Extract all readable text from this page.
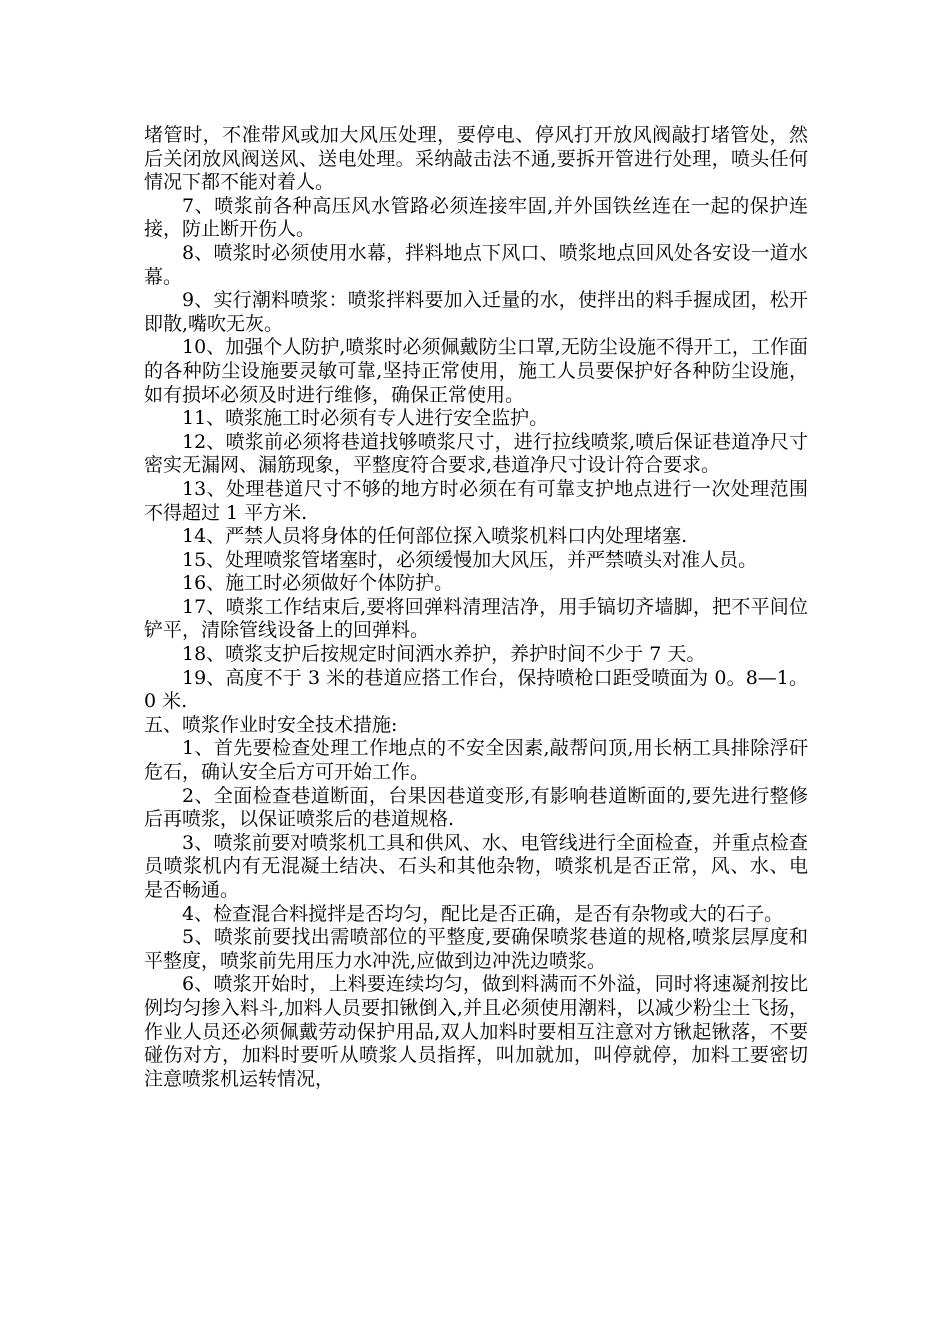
堵管时，不准带风或加大风压处理，要停电、停风打开放风阀敲打堵管处，然后关闭放风阀送风、送电处理。采纳敲击法不通,要拆开管进行处理，喷头任何情况下都不能对着人。

7、喷浆前各种高压风水管路必须连接牢固,并外国铁丝连在一起的保护连接，防止断开伤人。

8、喷浆时必须使用水幕，拌料地点下风口、喷浆地点回风处各安设一道水幕。

9、实行潮料喷浆：喷浆拌料要加入迁量的水，使拌出的料手握成团，松开即散,嘴吹无灰。

10、加强个人防护,喷浆时必须佩戴防尘口罩,无防尘设施不得开工，工作面的各种防尘设施要灵敏可靠,坚持正常使用，施工人员要保护好各种防尘设施，如有损坏必须及时进行维修，确保正常使用。

11、喷浆施工时必须有专人进行安全监护。

12、喷浆前必须将巷道找够喷浆尺寸，进行拉线喷浆,喷后保证巷道净尺寸密实无漏网、漏筋现象，平整度符合要求,巷道净尺寸设计符合要求。

13、处理巷道尺寸不够的地方时必须在有可靠支护地点进行一次处理范围不得超过 1 平方米.

14、严禁人员将身体的任何部位探入喷浆机料口内处理堵塞.

15、处理喷浆管堵塞时，必须缓慢加大风压，并严禁喷头对准人员。

16、施工时必须做好个体防护。

17、喷浆工作结束后,要将回弹料清理洁净，用手镐切齐墙脚，把不平间位铲平，清除管线设备上的回弹料。

18、喷浆支护后按规定时间洒水养护，养护时间不少于 7 天。

19、高度不于 3 米的巷道应搭工作台，保持喷枪口距受喷面为 0。8—1。0 米.

五、喷浆作业时安全技术措施:

1、首先要检查处理工作地点的不安全因素,敲帮问顶,用长柄工具排除浮矸危石，确认安全后方可开始工作。

2、全面检查巷道断面，台果因巷道变形,有影响巷道断面的,要先进行整修后再喷浆，以保证喷浆后的巷道规格.

3、喷浆前要对喷浆机工具和供风、水、电管线进行全面检查，并重点检查员喷浆机内有无混凝土结决、石头和其他杂物，喷浆机是否正常，风、水、电是否畅通。

4、检查混合料搅拌是否均匀，配比是否正确，是否有杂物或大的石子。

5、喷浆前要找出需喷部位的平整度,要确保喷浆巷道的规格,喷浆层厚度和平整度，喷浆前先用压力水冲洗,应做到边冲洗边喷浆。

6、喷浆开始时，上料要连续均匀，做到料满而不外溢，同时将速凝剂按比例均匀掺入料斗,加料人员要扣锹倒入,并且必须使用潮料，以减少粉尘土飞扬，作业人员还必须佩戴劳动保护用品,双人加料时要相互注意对方锹起锹落，不要碰伤对方，加料时要听从喷浆人员指挥，叫加就加，叫停就停，加料工要密切注意喷浆机运转情况，
